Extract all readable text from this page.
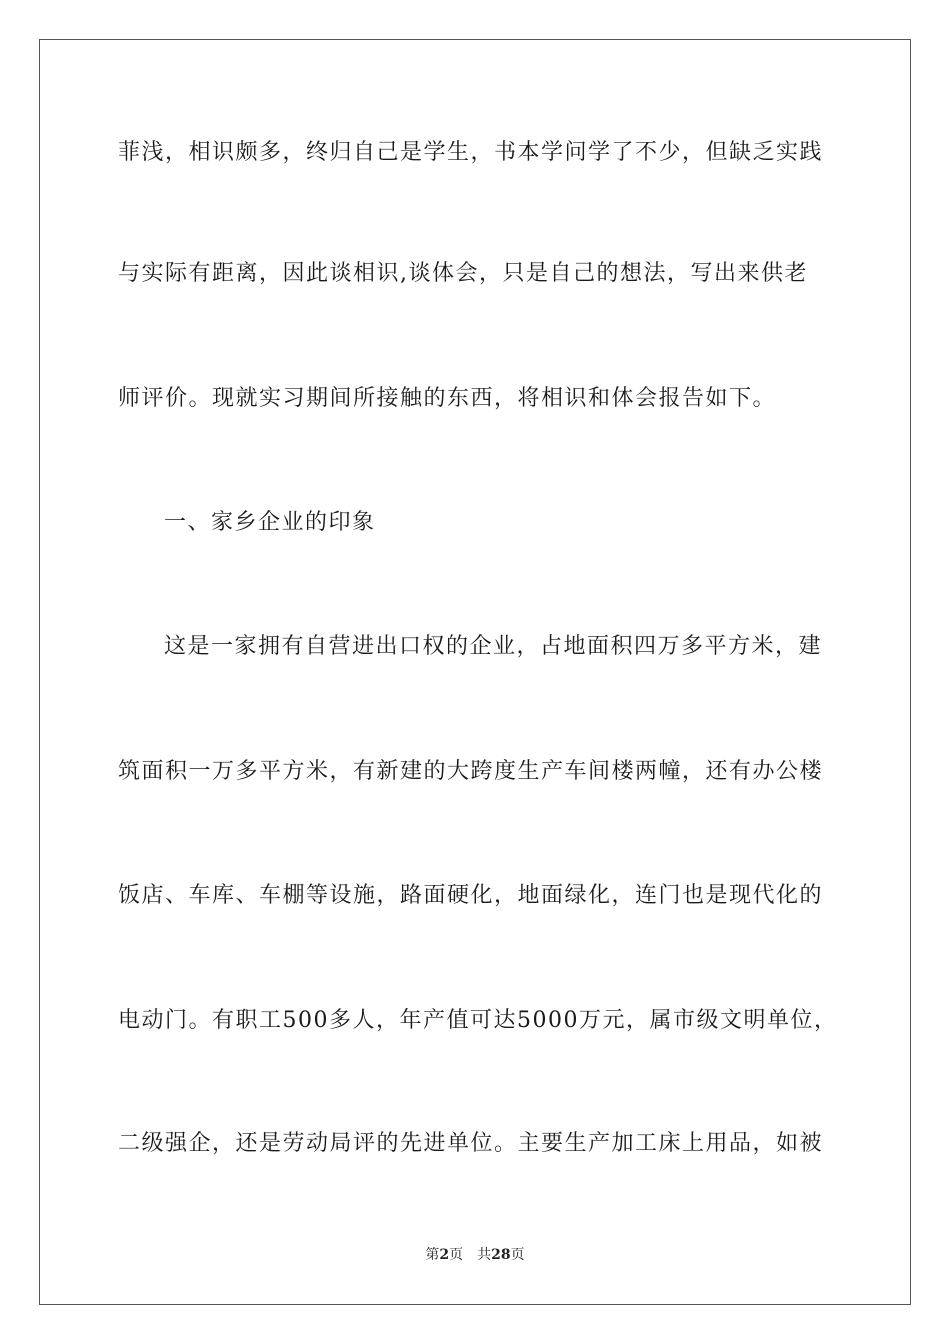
菲浅，相识颇多，终归自己是学生，书本学问学了不少，但缺乏实践
与实际有距离，因此谈相识,谈体会，只是自己的想法，写出来供老
师评价。现就实习期间所接触的东西，将相识和体会报告如下。
一、家乡企业的印象
这是一家拥有自营进出口权的企业，占地面积四万多平方米，建
筑面积一万多平方米，有新建的大跨度生产车间楼两幢，还有办公楼
饭店、车库、车棚等设施，路面硬化，地面绿化，连门也是现代化的
电动门。有职工500多人，年产值可达5000万元，属市级文明单位，
二级强企，还是劳动局评的先进单位。主要生产加工床上用品，如被
第2页 共28页
